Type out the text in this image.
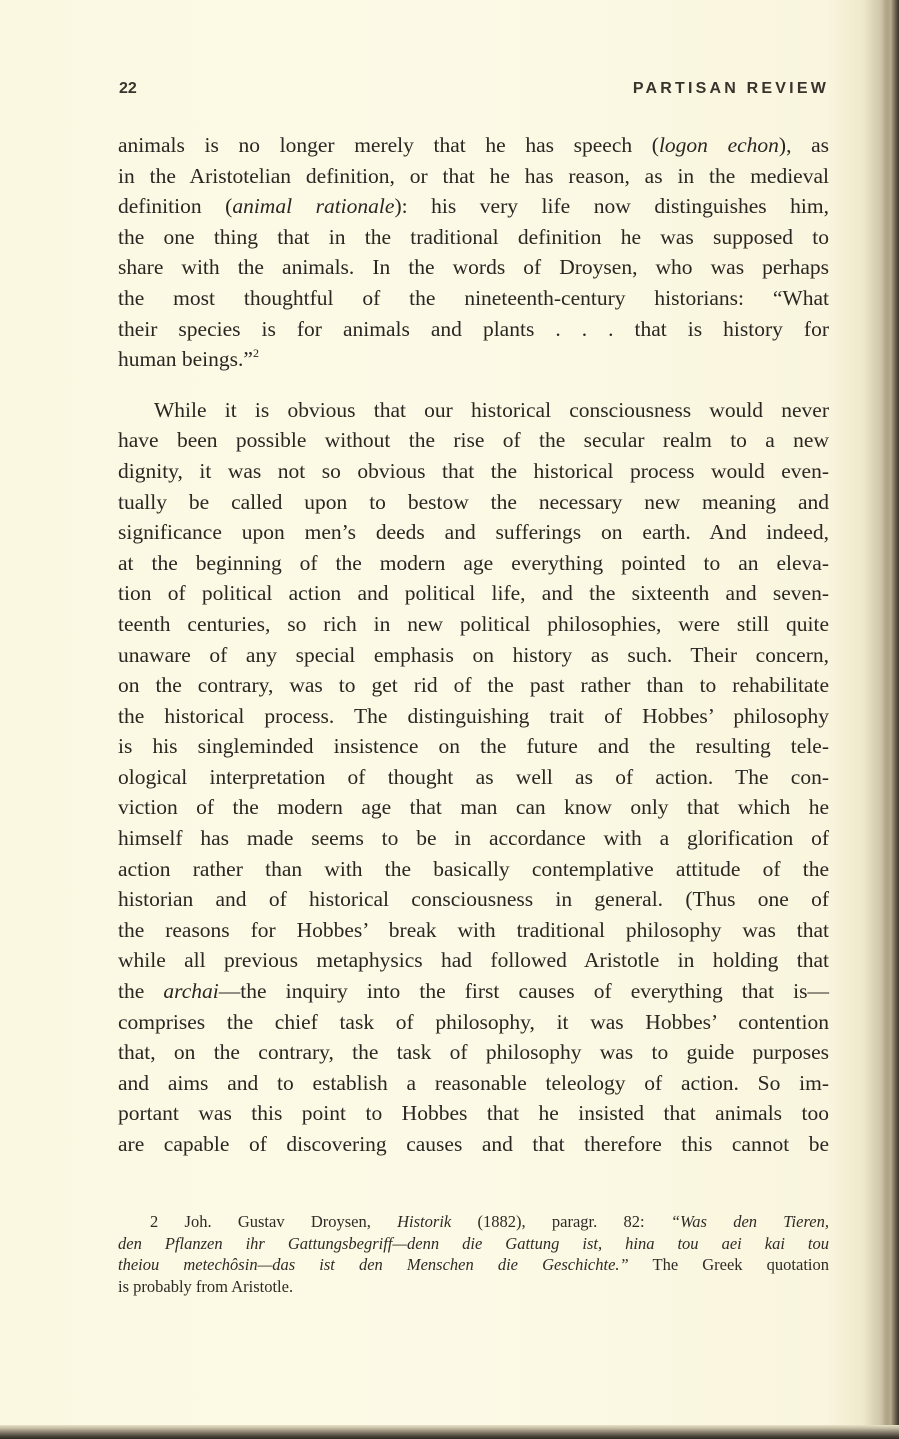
22	PARTISAN REVIEW
animals is no longer merely that he has speech (logon echon), as
in the Aristotelian definition, or that he has reason, as in the medieval
definition (animal rationale): his very life now distinguishes him,
the one thing that in the traditional definition he was supposed to
share with the animals. In the words of Droysen, who was perhaps
the most thoughtful of the nineteenth-century historians: “What
their species is for animals and plants . . . that is history for
human beings.”$^2$
While it is obvious that our historical consciousness would never
have been possible without the rise of the secular realm to a new
dignity, it was not so obvious that the historical process would even-
tually be called upon to bestow the necessary new meaning and
significance upon men’s deeds and sufferings on earth. And indeed,
at the beginning of the modern age everything pointed to an eleva-
tion of political action and political life, and the sixteenth and seven-
teenth centuries, so rich in new political philosophies, were still quite
unaware of any special emphasis on history as such. Their concern,
on the contrary, was to get rid of the past rather than to rehabilitate
the historical process. The distinguishing trait of Hobbes’ philosophy
is his singleminded insistence on the future and the resulting tele-
ological interpretation of thought as well as of action. The con-
viction of the modern age that man can know only that which he
himself has made seems to be in accordance with a glorification of
action rather than with the basically contemplative attitude of the
historian and of historical consciousness in general. (Thus one of
the reasons for Hobbes’ break with traditional philosophy was that
while all previous metaphysics had followed Aristotle in holding that
the archai—the inquiry into the first causes of everything that is—
comprises the chief task of philosophy, it was Hobbes’ contention
that, on the contrary, the task of philosophy was to guide purposes
and aims and to establish a reasonable teleology of action. So im-
portant was this point to Hobbes that he insisted that animals too
are capable of discovering causes and that therefore this cannot be
2 Joh. Gustav Droysen, Historik (1882), paragr. 82: “Was den Tieren,
den Pflanzen ihr Gattungsbegriff—denn die Gattung ist, hina tou aei kai tou
theiou metechôsin—das ist den Menschen die Geschichte.” The Greek quotation
is probably from Aristotle.
